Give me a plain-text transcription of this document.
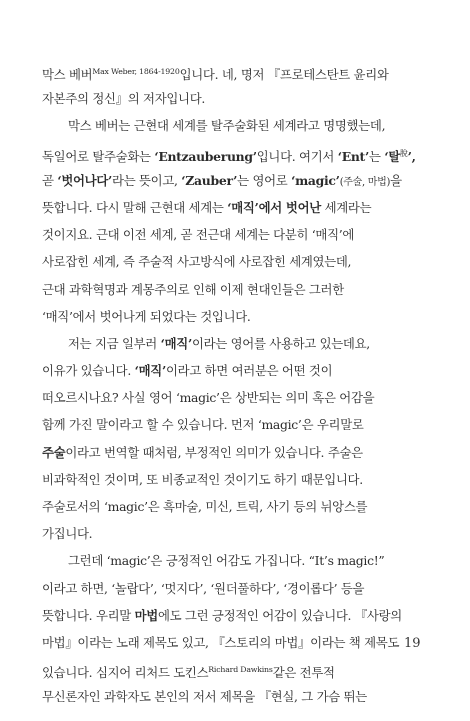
막스 베버$^{Max Weber, 1864-1920}$입니다. 네, 명저 『프로테스탄트 윤리와
자본주의 정신』의 저자입니다.
막스 베버는 근현대 세계를 탈주술화된 세계라고 명명했는데,
독일어로 탈주술화는 ‘Entzauberung’입니다. 여기서 ‘Ent’는 ‘탈$^脫$’,
곧 ‘벗어나다’라는 뜻이고, ‘Zauber’는 영어로 ‘magic’(주술, 마법)을
뜻합니다. 다시 말해 근현대 세계는 ‘매직’에서 벗어난 세계라는
것이지요. 근대 이전 세계, 곧 전근대 세계는 다분히 ‘매직’에
사로잡힌 세계, 즉 주술적 사고방식에 사로잡힌 세계였는데,
근대 과학혁명과 계몽주의로 인해 이제 현대인들은 그러한
‘매직’에서 벗어나게 되었다는 것입니다.
저는 지금 일부러 ‘매직’이라는 영어를 사용하고 있는데요,
이유가 있습니다. ‘매직’이라고 하면 여러분은 어떤 것이
떠오르시나요? 사실 영어 ‘magic’은 상반되는 의미 혹은 어감을
함께 가진 말이라고 할 수 있습니다. 먼저 ‘magic’은 우리말로
주술이라고 번역할 때처럼, 부정적인 의미가 있습니다. 주술은
비과학적인 것이며, 또 비종교적인 것이기도 하기 때문입니다.
주술로서의 ‘magic’은 흑마술, 미신, 트릭, 사기 등의 뉘앙스를
가집니다.
그런데 ‘magic’은 긍정적인 어감도 가집니다. “It’s magic!”
이라고 하면, ‘놀랍다’, ‘멋지다’, ‘원더풀하다’, ‘경이롭다’ 등을
뜻합니다. 우리말 마법에도 그런 긍정적인 어감이 있습니다. 『사랑의
마법』이라는 노래 제목도 있고, 『스토리의 마법』이라는 책 제목도
있습니다. 심지어 리처드 도킨스$^{Richard Dawkins}$같은 전투적
무신론자인 과학자도 본인의 저서 제목을 『현실, 그 가슴 뛰는
19
